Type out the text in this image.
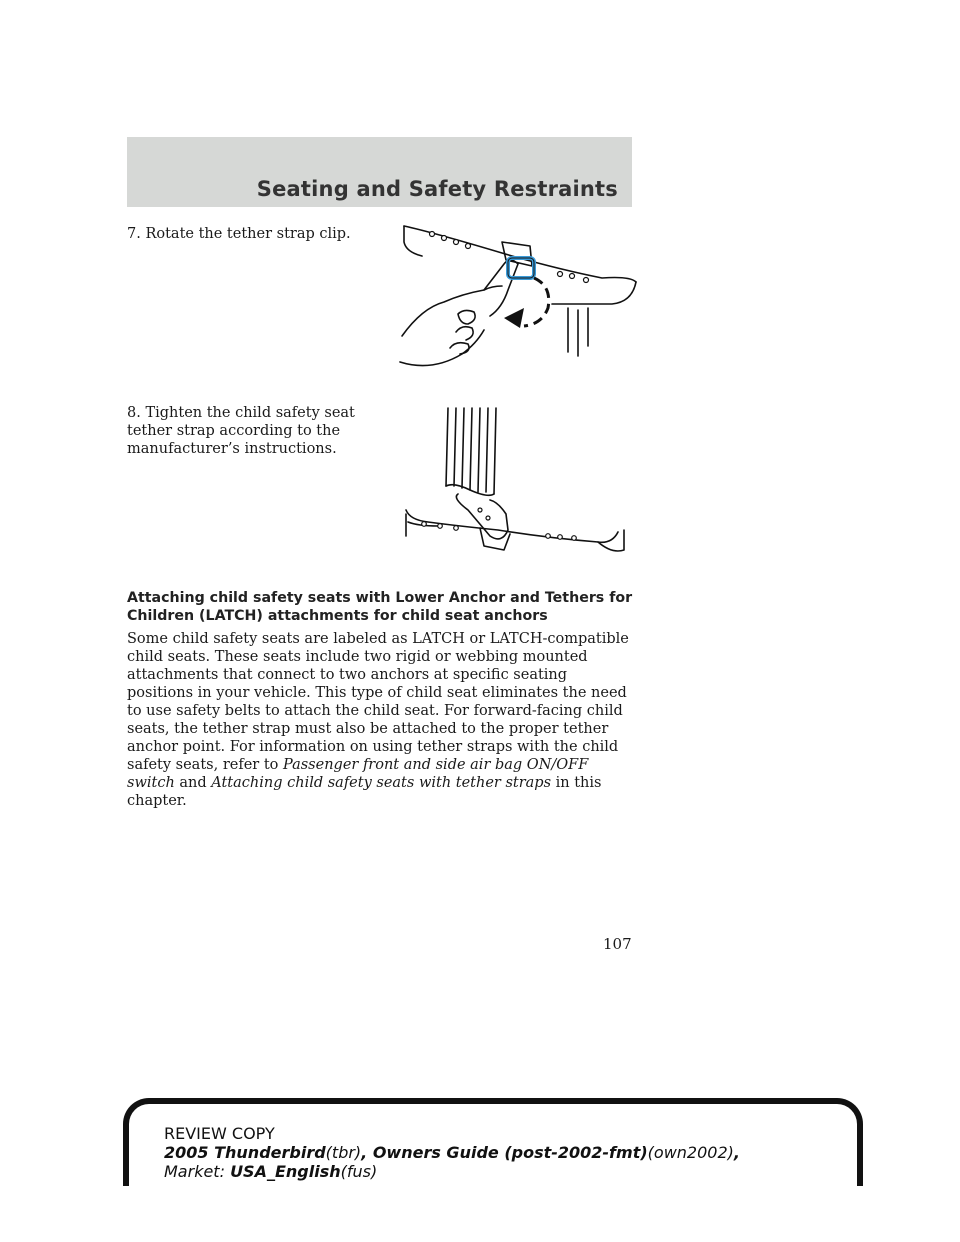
Seating and Safety Restraints

7. Rotate the tether strap clip.

8. Tighten the child safety seat tether strap according to the manufacturer’s instructions.

Attaching child safety seats with Lower Anchor and Tethers for Children (LATCH) attachments for child seat anchors

Some child safety seats are labeled as LATCH or LATCH-compatible child seats. These seats include two rigid or webbing mounted attachments that connect to two anchors at specific seating positions in your vehicle. This type of child seat eliminates the need to use safety belts to attach the child seat. For forward-facing child seats, the tether strap must also be attached to the proper tether anchor point. For information on using tether straps with the child safety seats, refer to Passenger front and side air bag ON/OFF switch and Attaching child safety seats with tether straps in this chapter.

107
REVIEW COPY
2005 Thunderbird(tbr), Owners Guide (post-2002-fmt)(own2002),
Market: USA_English(fus)
